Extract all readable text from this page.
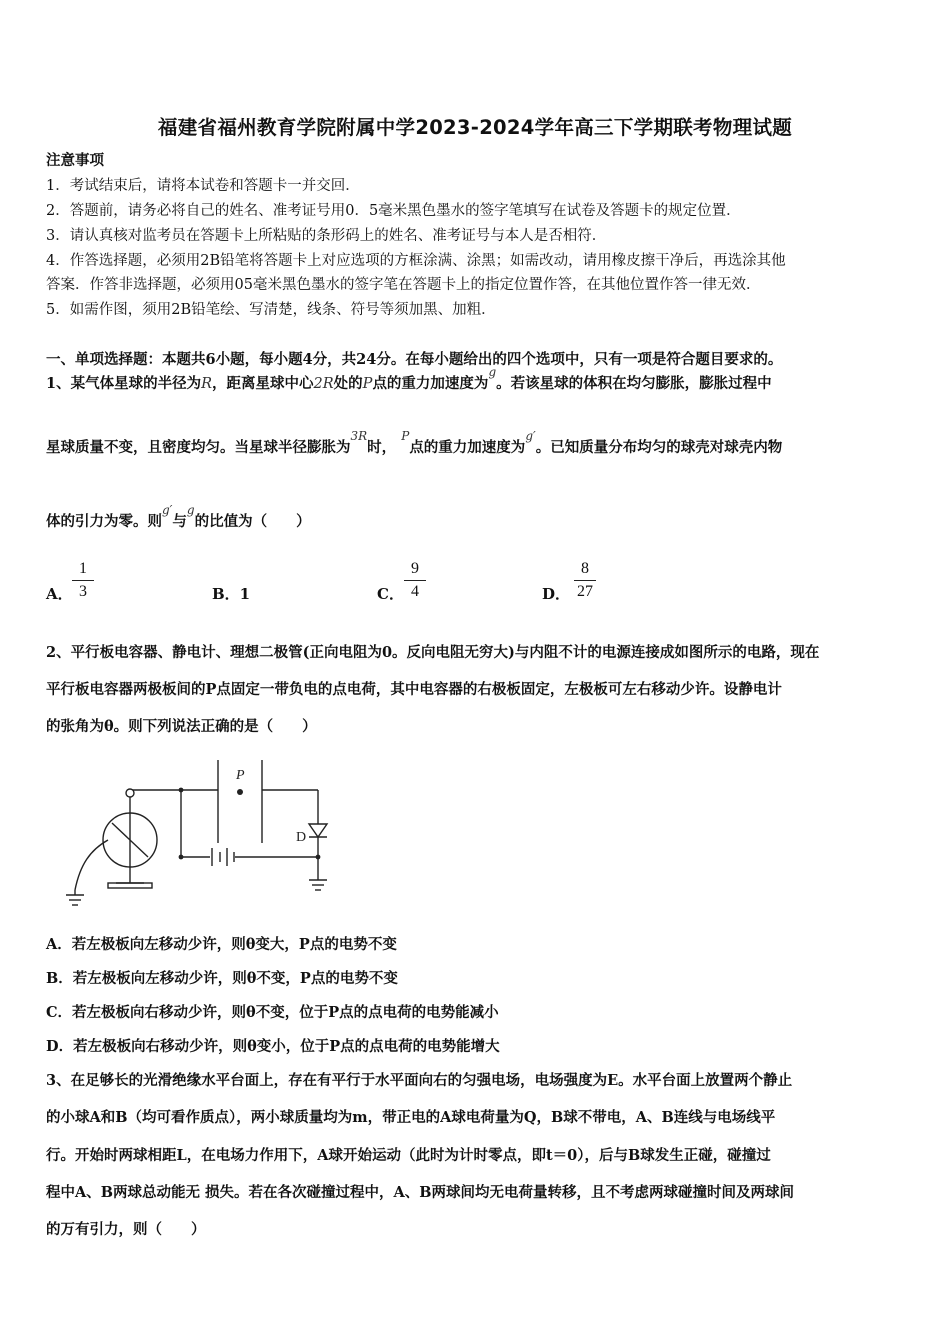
福建省福州教育学院附属中学2023-2024学年高三下学期联考物理试题
注意事项
1．考试结束后，请将本试卷和答题卡一并交回．
2．答题前，请务必将自己的姓名、准考证号用0．5毫米黑色墨水的签字笔填写在试卷及答题卡的规定位置．
3．请认真核对监考员在答题卡上所粘贴的条形码上的姓名、准考证号与本人是否相符．
4．作答选择题，必须用2B铅笔将答题卡上对应选项的方框涂满、涂黑；如需改动，请用橡皮擦干净后，再选涂其他
答案．作答非选择题，必须用05毫米黑色墨水的签字笔在答题卡上的指定位置作答，在其他位置作答一律无效．
5．如需作图，须用2B铅笔绘、写清楚，线条、符号等须加黑、加粗．
一、单项选择题：本题共6小题，每小题4分，共24分。在每小题给出的四个选项中，只有一项是符合题目要求的。
1、某气体星球的半径为R，距离星球中心2R处的P点的重力加速度为$^g$。若该星球的体积在均匀膨胀，膨胀过程中
星球质量不变，且密度均匀。当星球半径膨胀为$^{3R}$时， $^P$点的重力加速度为$^{g'}$。已知质量分布均匀的球壳对球壳内物
体的引力为零。则$^{g'}$与$^g$的比值为（　　）
A．
1
3	B．1	C．
9
4	D．
8
27
2、平行板电容器、静电计、理想二极管(正向电阻为0。反向电阻无穷大)与内阻不计的电源连接成如图所示的电路，现在
平行板电容器两极板间的P点固定一带负电的点电荷，其中电容器的右极板固定，左极板可左右移动少许。设静电计
的张角为θ。则下列说法正确的是（　　）
P
D
A．若左极板向左移动少许，则θ变大，P点的电势不变
B．若左极板向左移动少许，则θ不变，P点的电势不变
C．若左极板向右移动少许，则θ不变，位于P点的点电荷的电势能减小
D．若左极板向右移动少许，则θ变小，位于P点的点电荷的电势能增大
3、在足够长的光滑绝缘水平台面上，存在有平行于水平面向右的匀强电场，电场强度为E。水平台面上放置两个静止
的小球A和B（均可看作质点），两小球质量均为m，带正电的A球电荷量为Q，B球不带电，A、B连线与电场线平
行。开始时两球相距L，在电场力作用下，A球开始运动（此时为计时零点，即t＝0），后与B球发生正碰，碰撞过
程中A、B两球总动能无 损失。若在各次碰撞过程中，A、B两球间均无电荷量转移，且不考虑两球碰撞时间及两球间
的万有引力，则（　　）
